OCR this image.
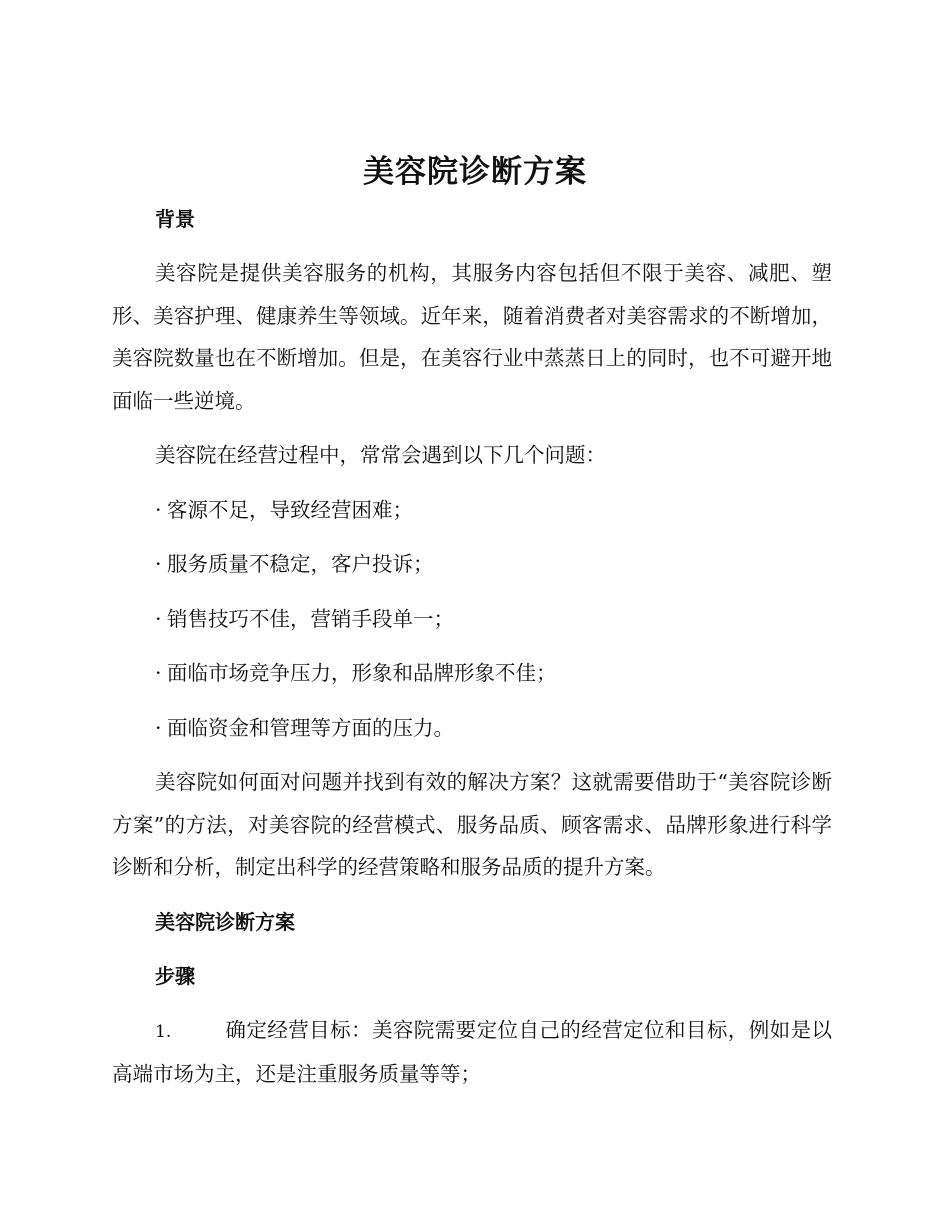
美容院诊断方案
背景

美容院是提供美容服务的机构，其服务内容包括但不限于美容、减肥、塑形、美容护理、健康养生等领域。近年来，随着消费者对美容需求的不断增加，美容院数量也在不断增加。但是，在美容行业中蒸蒸日上的同时，也不可避开地面临一些逆境。

美容院在经营过程中，常常会遇到以下几个问题：

· 客源不足，导致经营困难；
· 服务质量不稳定，客户投诉；
· 销售技巧不佳，营销手段单一；
· 面临市场竞争压力，形象和品牌形象不佳；
· 面临资金和管理等方面的压力。

美容院如何面对问题并找到有效的解决方案？这就需要借助于“美容院诊断方案”的方法，对美容院的经营模式、服务品质、顾客需求、品牌形象进行科学诊断和分析，制定出科学的经营策略和服务品质的提升方案。

美容院诊断方案
步骤

1.	确定经营目标：美容院需要定位自己的经营定位和目标，例如是以高端市场为主，还是注重服务质量等等；
